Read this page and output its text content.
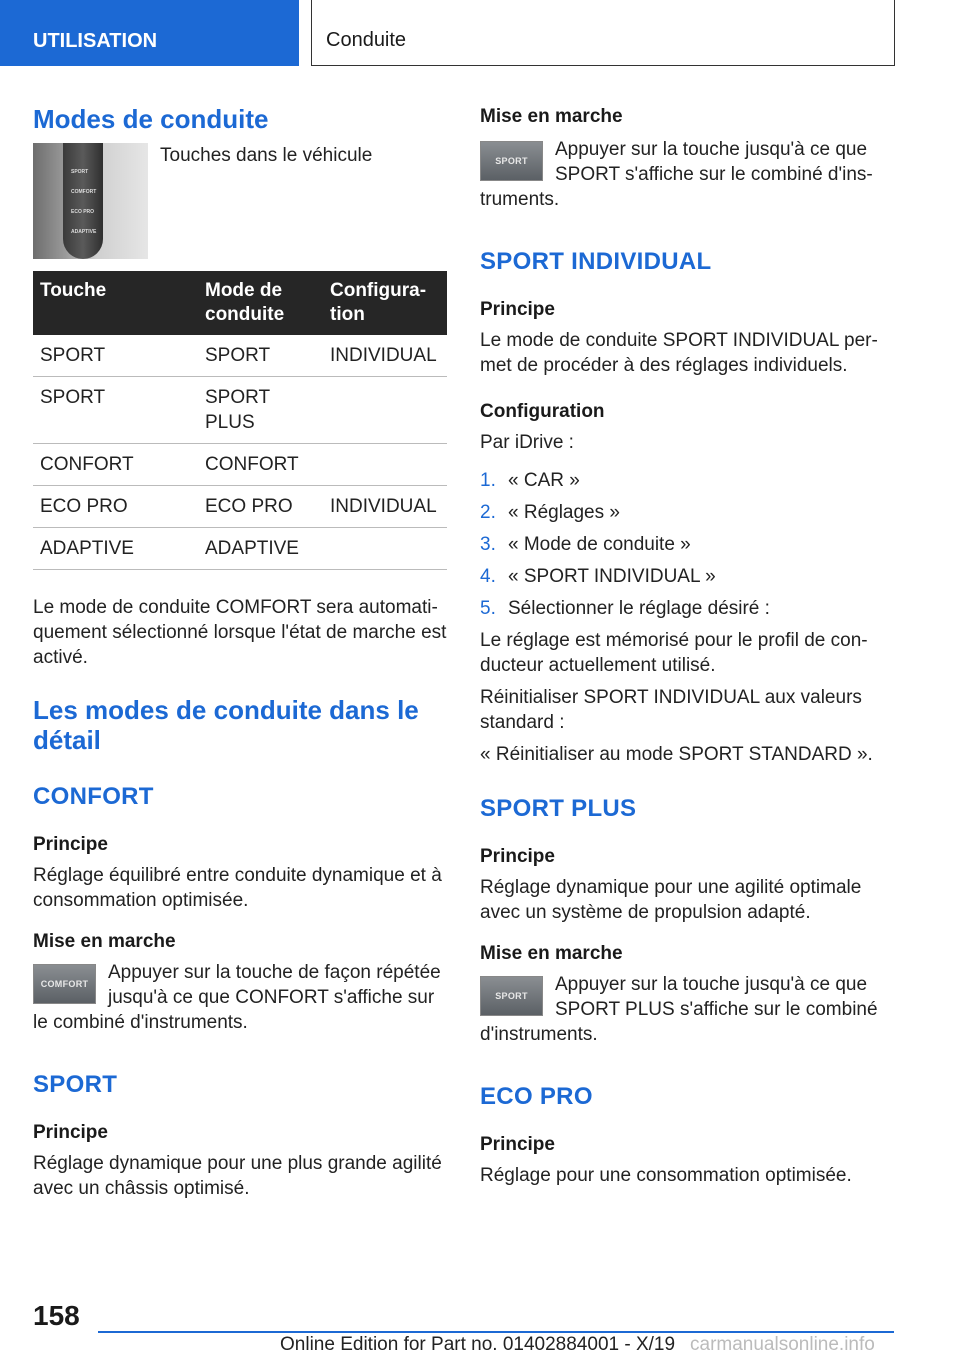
UTILISATION	Conduite
Modes de conduite
SPORT
COMFORT
ECO PRO
ADAPTIVE
Touches dans le véhicule
Touche	Mode de conduite	Configura-tion
SPORT	SPORT	INDIVIDUAL
SPORT	SPORT PLUS	
CONFORT	CONFORT	
ECO PRO	ECO PRO	INDIVIDUAL
ADAPTIVE	ADAPTIVE	
Le mode de conduite COMFORT sera automati-quement sélectionné lorsque l'état de marche est activé.
Les modes de conduite dans le détail
CONFORT
Principe
Réglage équilibré entre conduite dynamique et à consommation optimisée.
Mise en marche
COMFORT
Appuyer sur la touche de façon répétée jusqu'à ce que CONFORT s'affiche sur le combiné d'instruments.
SPORT
Principe
Réglage dynamique pour une plus grande agilité avec un châssis optimisé.
Mise en marche
SPORT
Appuyer sur la touche jusqu'à ce que SPORT s'affiche sur le combiné d'ins-truments.
SPORT INDIVIDUAL
Principe
Le mode de conduite SPORT INDIVIDUAL per-met de procéder à des réglages individuels.
Configuration
Par iDrive :
1. « CAR »
2. « Réglages »
3. « Mode de conduite »
4. « SPORT INDIVIDUAL »
5. Sélectionner le réglage désiré :
Le réglage est mémorisé pour le profil de con-ducteur actuellement utilisé.
Réinitialiser SPORT INDIVIDUAL aux valeurs standard :
« Réinitialiser au mode SPORT STANDARD ».
SPORT PLUS
Principe
Réglage dynamique pour une agilité optimale avec un système de propulsion adapté.
Mise en marche
SPORT
Appuyer sur la touche jusqu'à ce que SPORT PLUS s'affiche sur le combiné d'instruments.
ECO PRO
Principe
Réglage pour une consommation optimisée.
158
Online Edition for Part no. 01402884001 - X/19 carmanualsonline.info
